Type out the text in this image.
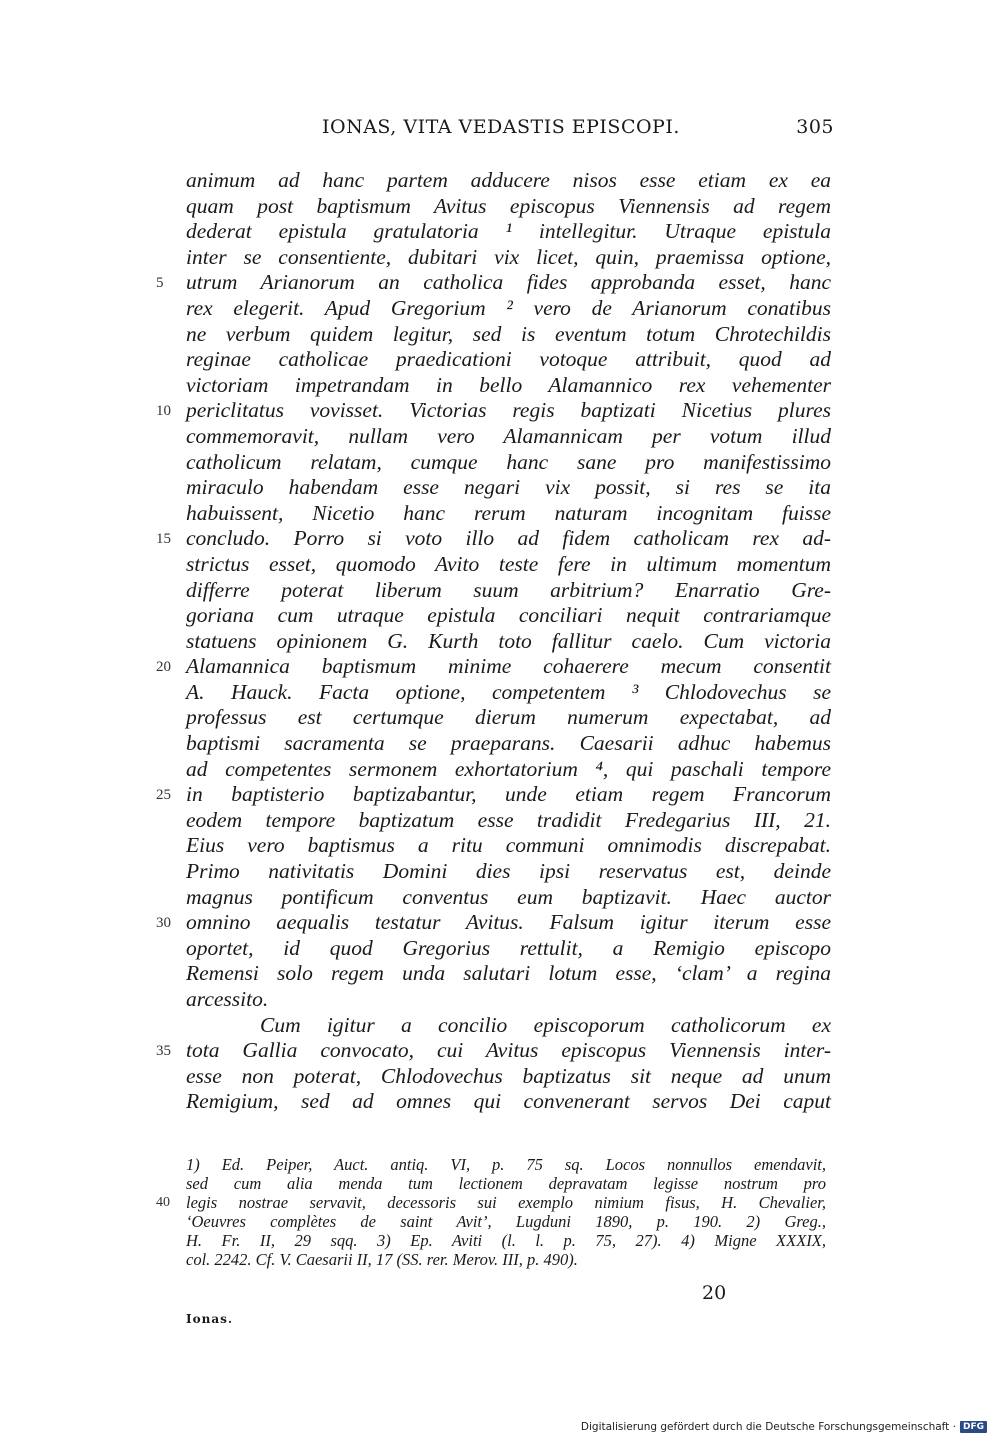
IONAS, VITA VEDASTIS EPISCOPI.	305
animum ad hanc partem adducere nisos esse etiam ex ea
quam post baptismum Avitus episcopus Viennensis ad regem
dederat epistula gratulatoria ¹ intellegitur. Utraque epistula
inter se consentiente, dubitari vix licet, quin, praemissa optione,
utrum Arianorum an catholica fides approbanda esset, hanc
5
rex elegerit. Apud Gregorium ² vero de Arianorum conatibus
ne verbum quidem legitur, sed is eventum totum Chrotechildis
reginae catholicae praedicationi votoque attribuit, quod ad
victoriam impetrandam in bello Alamannico rex vehementer
periclitatus vovisset. Victorias regis baptizati Nicetius plures
10
commemoravit, nullam vero Alamannicam per votum illud
catholicum relatam, cumque hanc sane pro manifestissimo
miraculo habendam esse negari vix possit, si res se ita
habuissent, Nicetio hanc rerum naturam incognitam fuisse
concludo. Porro si voto illo ad fidem catholicam rex ad-
15
strictus esset, quomodo Avito teste fere in ultimum momentum
differre poterat liberum suum arbitrium? Enarratio Gre-
goriana cum utraque epistula conciliari nequit contrariamque
statuens opinionem G. Kurth toto fallitur caelo. Cum victoria
Alamannica baptismum minime cohaerere mecum consentit
20
A. Hauck. Facta optione, competentem ³ Chlodovechus se
professus est certumque dierum numerum expectabat, ad
baptismi sacramenta se praeparans. Caesarii adhuc habemus
ad competentes sermonem exhortatorium ⁴, qui paschali tempore
in baptisterio baptizabantur, unde etiam regem Francorum
25
eodem tempore baptizatum esse tradidit Fredegarius III, 21.
Eius vero baptismus a ritu communi omnimodis discrepabat.
Primo nativitatis Domini dies ipsi reservatus est, deinde
magnus pontificum conventus eum baptizavit. Haec auctor
omnino aequalis testatur Avitus. Falsum igitur iterum esse
30
oportet, id quod Gregorius rettulit, a Remigio episcopo
Remensi solo regem unda salutari lotum esse, ‘clam’ a regina
arcessito.
Cum igitur a concilio episcoporum catholicorum ex
tota Gallia convocato, cui Avitus episcopus Viennensis inter-
35
esse non poterat, Chlodovechus baptizatus sit neque ad unum
Remigium, sed ad omnes qui convenerant servos Dei caput
1) Ed. Peiper, Auct. antiq. VI, p. 75 sq. Locos nonnullos emendavit,
sed cum alia menda tum lectionem depravatam legisse nostrum pro
legis nostrae servavit, decessoris sui exemplo nimium fisus, H. Chevalier,
40
‘Oeuvres complètes de saint Avit’, Lugduni 1890, p. 190. 2) Greg.,
H. Fr. II, 29 sqq. 3) Ep. Aviti (l. l. p. 75, 27). 4) Migne XXXIX,
col. 2242. Cf. V. Caesarii II, 17 (SS. rer. Merov. III, p. 490).
20
Ionas.
Digitalisierung gefördert durch die Deutsche Forschungsgemeinschaft · DFG
